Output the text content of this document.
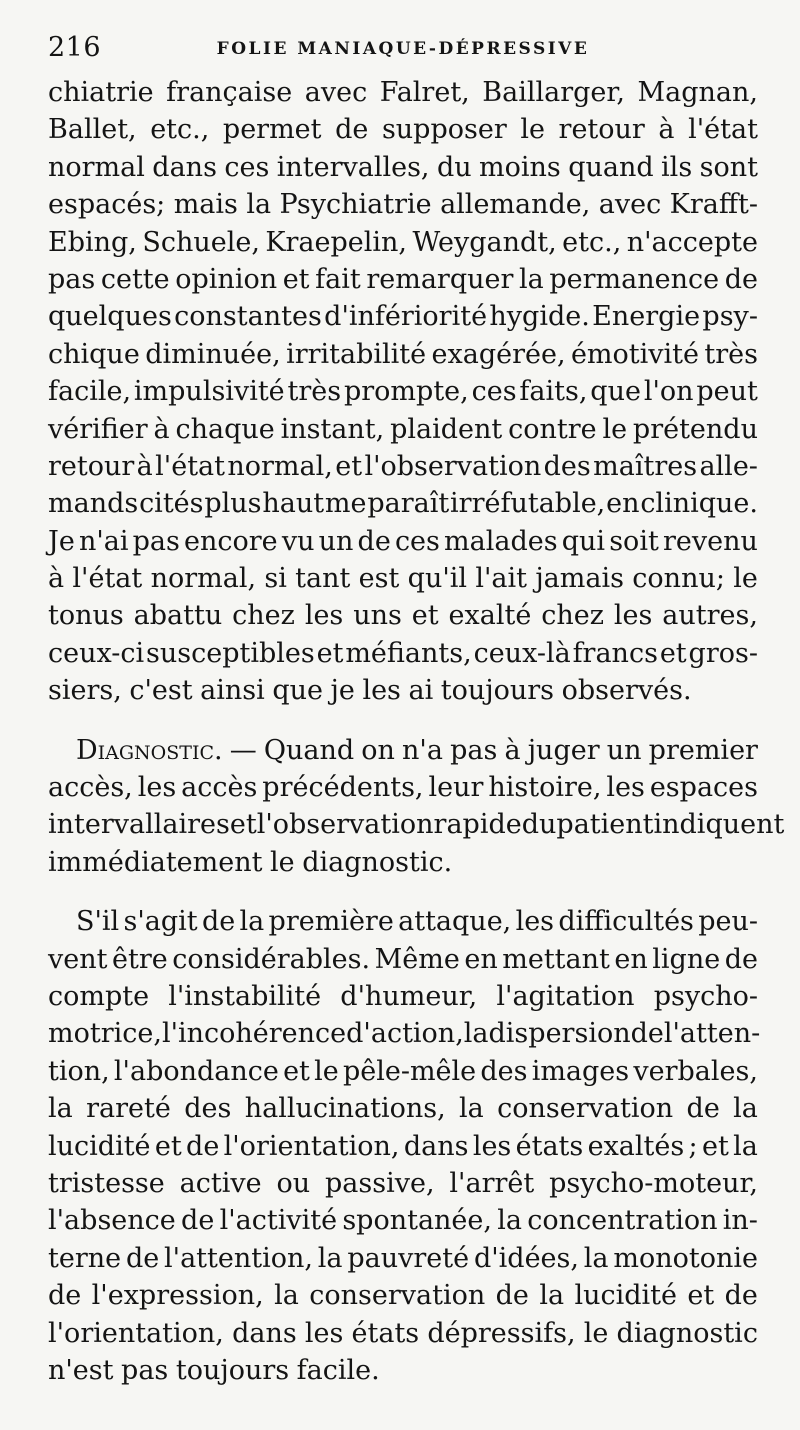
216	FOLIE MANIAQUE-DÉPRESSIVE
chiatrie française avec Falret, Baillarger, Magnan,
Ballet, etc., permet de supposer le retour à l'état
normal dans ces intervalles, du moins quand ils sont
espacés; mais la Psychiatrie allemande, avec Krafft-
Ebing, Schuele, Kraepelin, Weygandt, etc., n'accepte
pas cette opinion et fait remarquer la permanence de
quelques constantes d'infériorité hygide. Energie psy-
chique diminuée, irritabilité exagérée, émotivité très
facile, impulsivité très prompte, ces faits, que l'on peut
vérifier à chaque instant, plaident contre le prétendu
retour à l'état normal, et l'observation des maîtres alle-
mands cités plus haut me paraît irréfutable, en clinique.
Je n'ai pas encore vu un de ces malades qui soit revenu
à l'état normal, si tant est qu'il l'ait jamais connu; le
tonus abattu chez les uns et exalté chez les autres,
ceux-ci susceptibles et méfiants, ceux-là francs et gros-
siers, c'est ainsi que je les ai toujours observés.
Diagnostic. — Quand on n'a pas à juger un premier
accès, les accès précédents, leur histoire, les espaces
intervallaires et l'observation rapide du patient indiquent
immédiatement le diagnostic.
S'il s'agit de la première attaque, les difficultés peu-
vent être considérables. Même en mettant en ligne de
compte l'instabilité d'humeur, l'agitation psycho-
motrice, l'incohérence d'action, la dispersion de l'atten-
tion, l'abondance et le pêle-mêle des images verbales,
la rareté des hallucinations, la conservation de la
lucidité et de l'orientation, dans les états exaltés ; et la
tristesse active ou passive, l'arrêt psycho-moteur,
l'absence de l'activité spontanée, la concentration in-
terne de l'attention, la pauvreté d'idées, la monotonie
de l'expression, la conservation de la lucidité et de
l'orientation, dans les états dépressifs, le diagnostic
n'est pas toujours facile.
